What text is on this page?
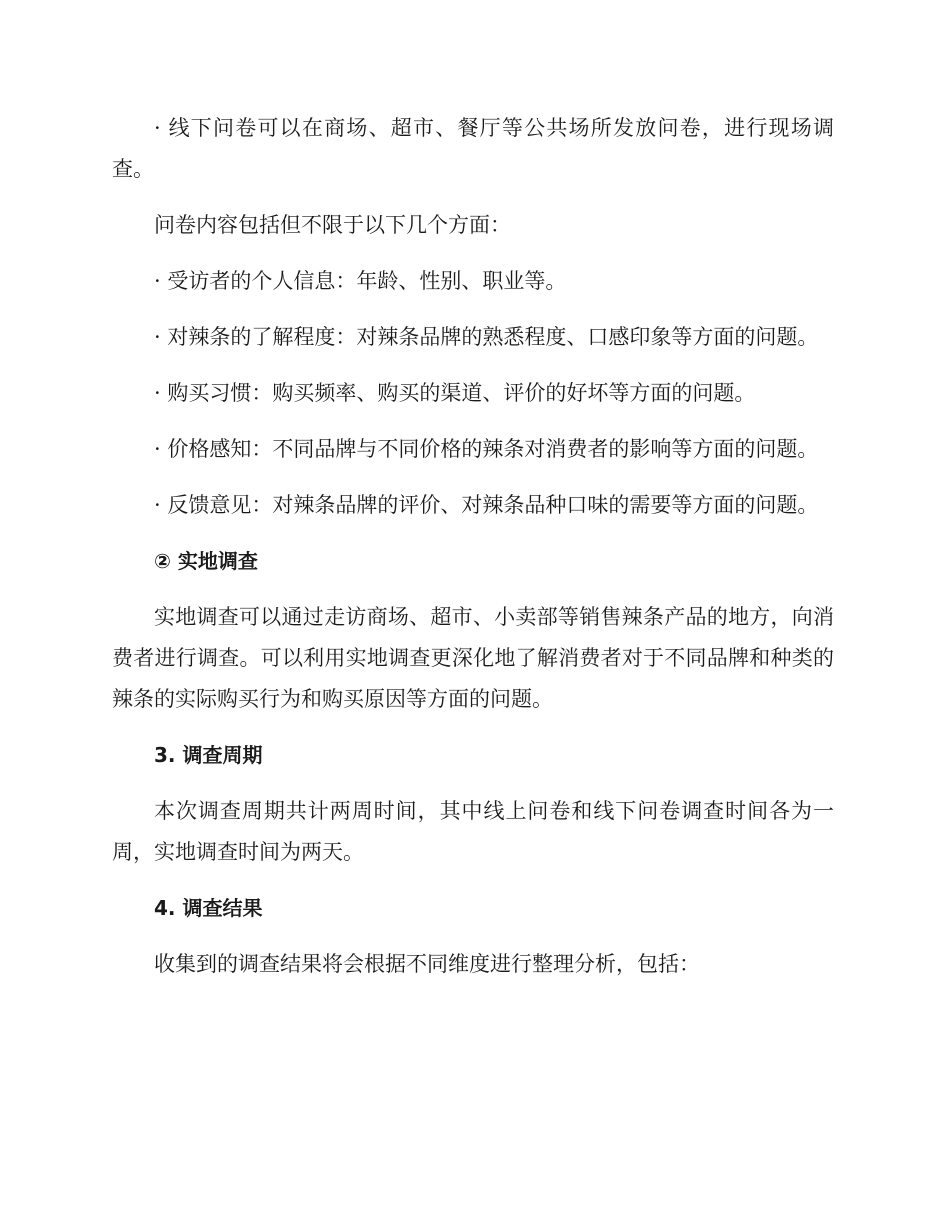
· 线下问卷可以在商场、超市、餐厅等公共场所发放问卷，进行现场调查。

问卷内容包括但不限于以下几个方面：

· 受访者的个人信息：年龄、性别、职业等。

· 对辣条的了解程度：对辣条品牌的熟悉程度、口感印象等方面的问题。

· 购买习惯：购买频率、购买的渠道、评价的好坏等方面的问题。

· 价格感知：不同品牌与不同价格的辣条对消费者的影响等方面的问题。

· 反馈意见：对辣条品牌的评价、对辣条品种口味的需要等方面的问题。

② 实地调查

实地调查可以通过走访商场、超市、小卖部等销售辣条产品的地方，向消费者进行调查。可以利用实地调查更深化地了解消费者对于不同品牌和种类的辣条的实际购买行为和购买原因等方面的问题。

3. 调查周期

本次调查周期共计两周时间，其中线上问卷和线下问卷调查时间各为一周，实地调查时间为两天。

4. 调查结果

收集到的调查结果将会根据不同维度进行整理分析，包括：
